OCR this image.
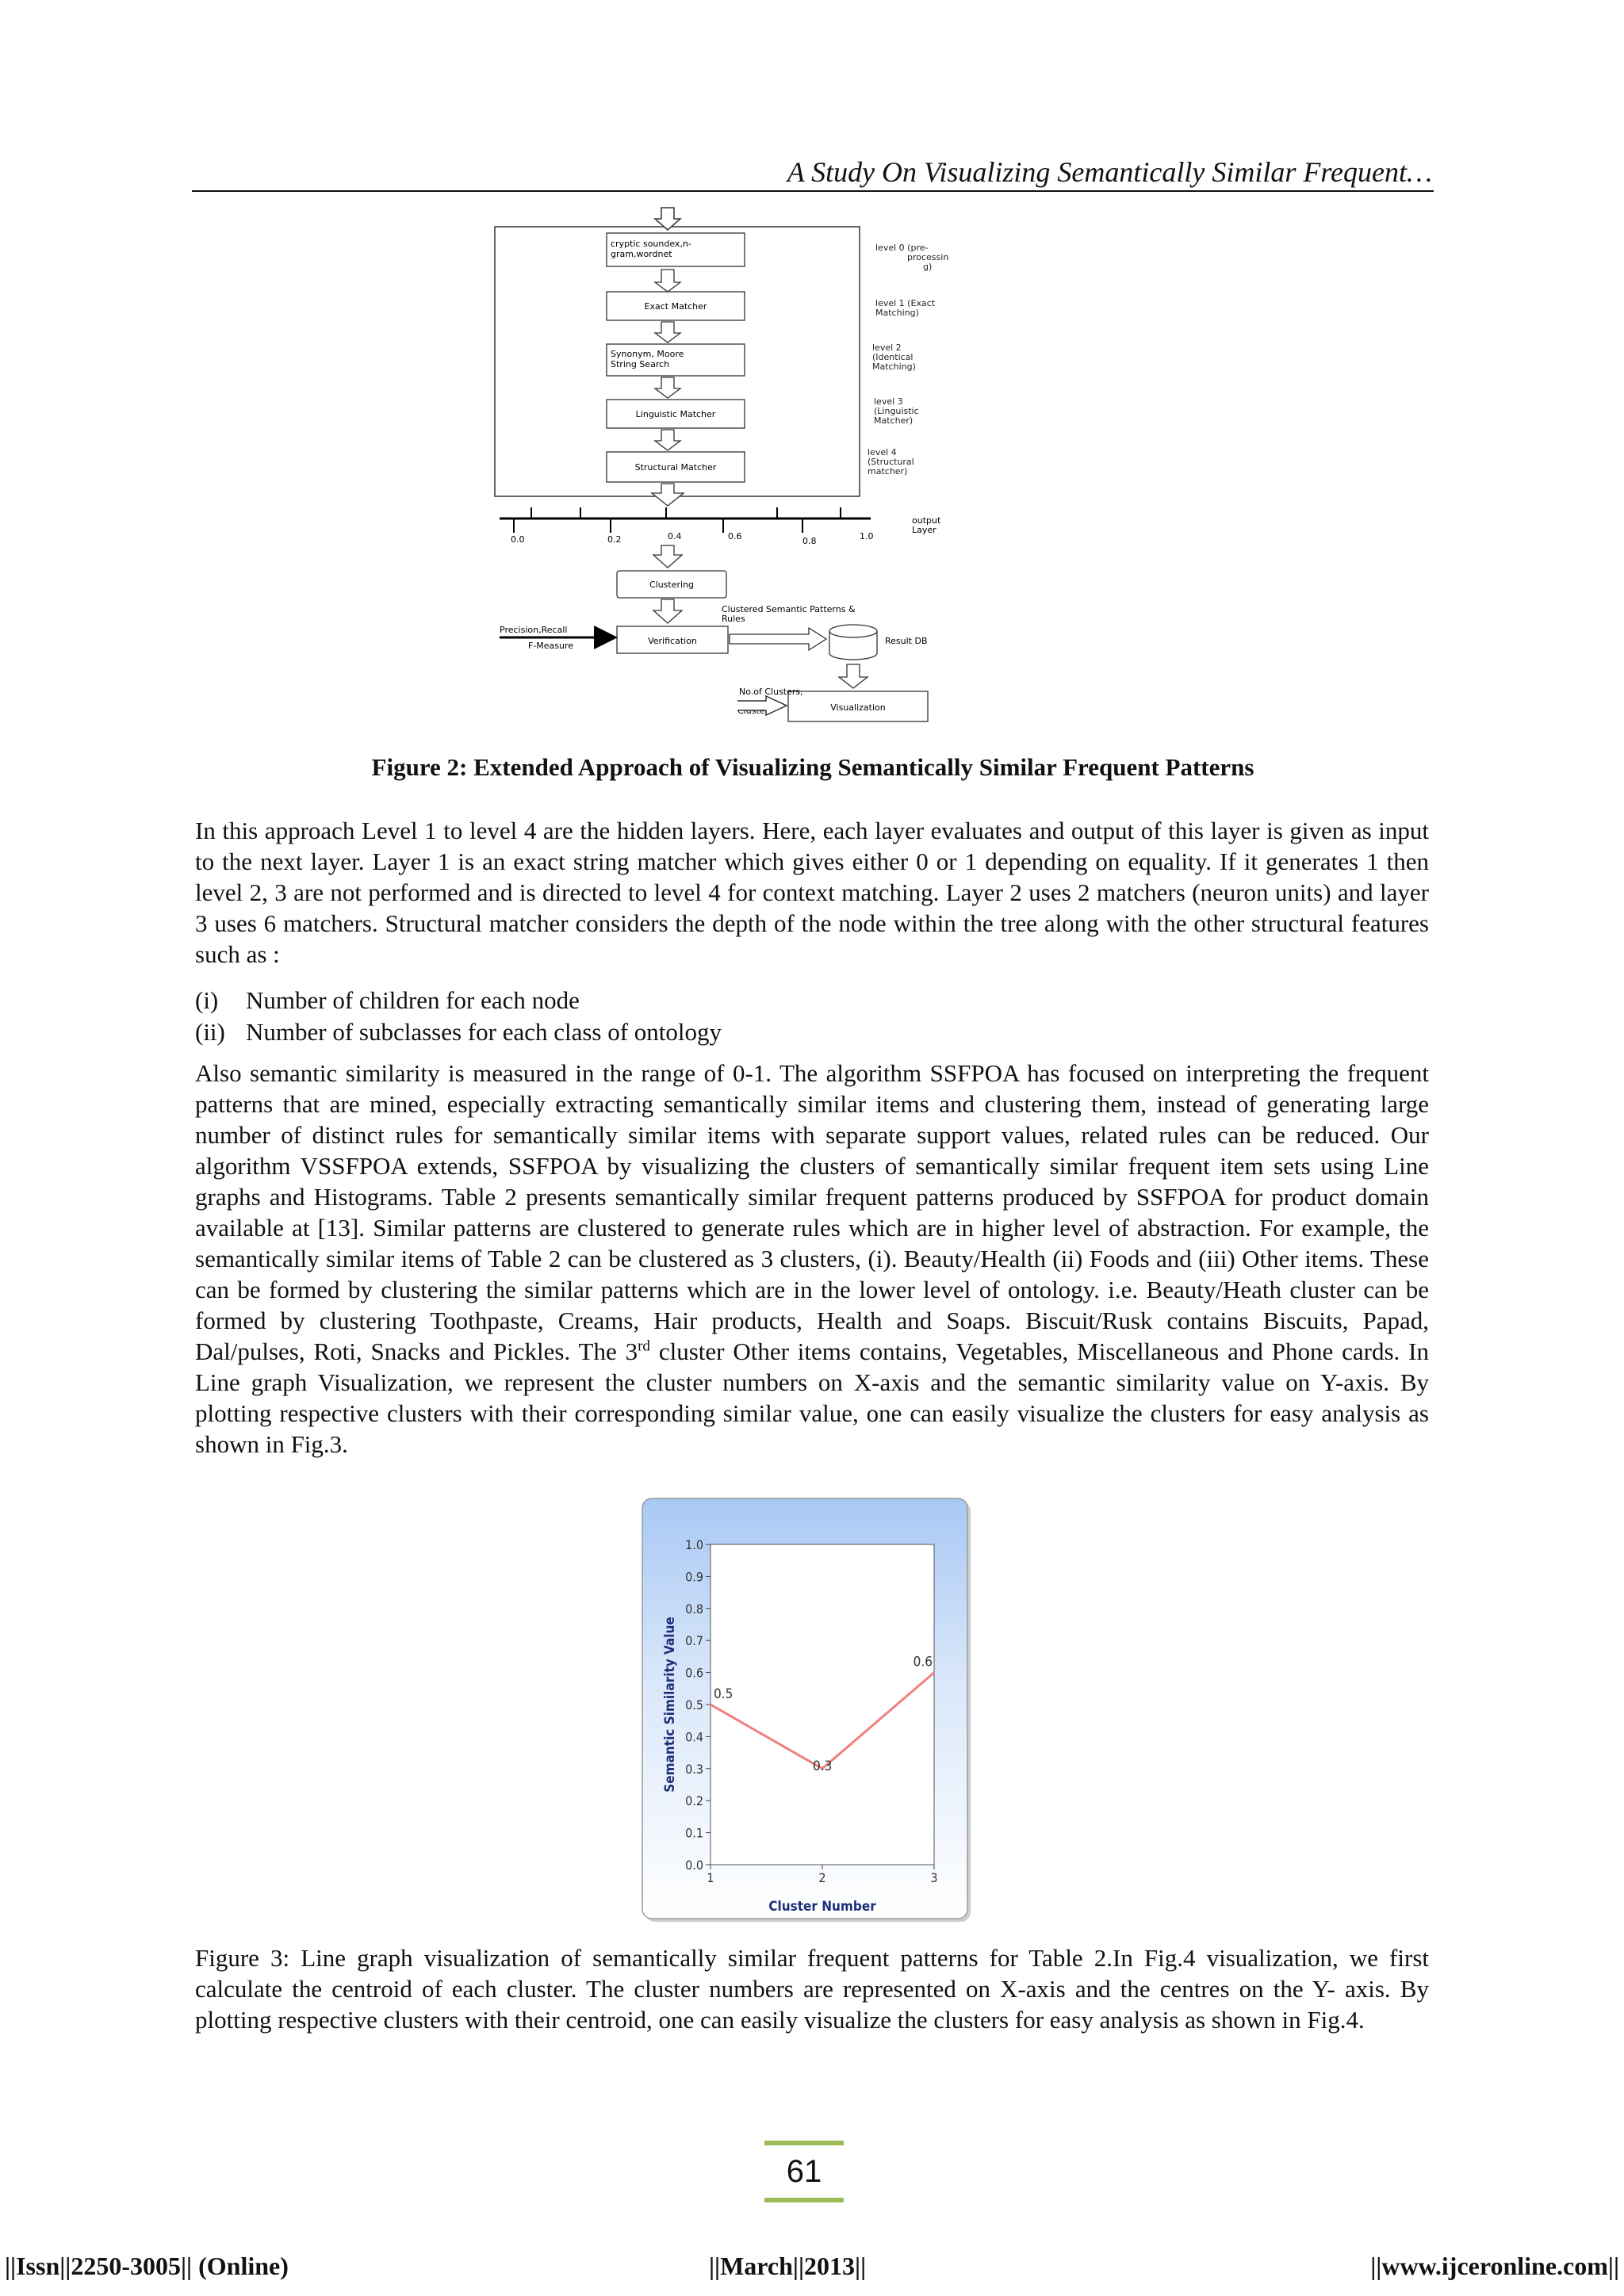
A Study On Visualizing Semantically Similar Frequent…
cryptic soundex,n-
gram,wordnet
Exact Matcher
Synonym, Moore
String Search
Linguistic Matcher
Structural Matcher
level 0 (pre-
processin
g)
level 1 (Exact
Matching)
level 2
(Identical
Matching)
level 3
(Linguistic
Matcher)
level 4
(Structural
matcher)
0.0	0.2	0.4	0.6	0.8	1.0
output
Layer
Clustering
Clustered Semantic Patterns &
Rules
Verification
Precision,Recall
F-Measure	Result DB
Visualization
No.of Clusters,
Figure 2: Extended Approach of Visualizing Semantically Similar Frequent Patterns

In this approach Level 1 to level 4 are the hidden layers. Here, each layer evaluates and output of this layer is given as input to the next layer. Layer 1 is an exact string matcher which gives either 0 or 1 depending on equality. If it generates 1 then level 2, 3 are not performed and is directed to level 4 for context matching. Layer 2 uses 2 matchers (neuron units) and layer 3 uses 6 matchers. Structural matcher considers the depth of the node within the tree along with the other structural features such as :

(i) Number of children for each node
(ii) Number of subclasses for each class of ontology

Also semantic similarity is measured in the range of 0-1. The algorithm SSFPOA has focused on interpreting the frequent patterns that are mined, especially extracting semantically similar items and clustering them, instead of generating large number of distinct rules for semantically similar items with separate support values, related rules can be reduced. Our algorithm VSSFPOA extends, SSFPOA by visualizing the clusters of semantically similar frequent item sets using Line graphs and Histograms. Table 2 presents semantically similar frequent patterns produced by SSFPOA for product domain available at [13]. Similar patterns are clustered to generate rules which are in higher level of abstraction. For example, the semantically similar items of Table 2 can be clustered as 3 clusters, (i). Beauty/Health (ii) Foods and (iii) Other items. These can be formed by clustering the similar patterns which are in the lower level of ontology. i.e. Beauty/Heath cluster can be formed by clustering Toothpaste, Creams, Hair products, Health and Soaps. Biscuit/Rusk contains Biscuits, Papad, Dal/pulses, Roti, Snacks and Pickles. The 3rd cluster Other items contains, Vegetables, Miscellaneous and Phone cards. In Line graph Visualization, we represent the cluster numbers on X-axis and the semantic similarity value on Y-axis. By plotting respective clusters with their corresponding similar value, one can easily visualize the clusters for easy analysis as shown in Fig.3.

0.0
0.1
0.2
0.3
0.4
0.5
0.6
0.7
0.8
0.9
1.0
1	2	3
0.5
0.3
0.6
Semantic Similarity Value
Cluster Number

Figure 3: Line graph visualization of semantically similar frequent patterns for Table 2.In Fig.4 visualization, we first calculate the centroid of each cluster. The cluster numbers are represented on X-axis and the centres on the Y- axis. By plotting respective clusters with their centroid, one can easily visualize the clusters for easy analysis as shown in Fig.4.

61
||Issn||2250-3005|| (Online)	||March||2013||	||www.ijceronline.com||
